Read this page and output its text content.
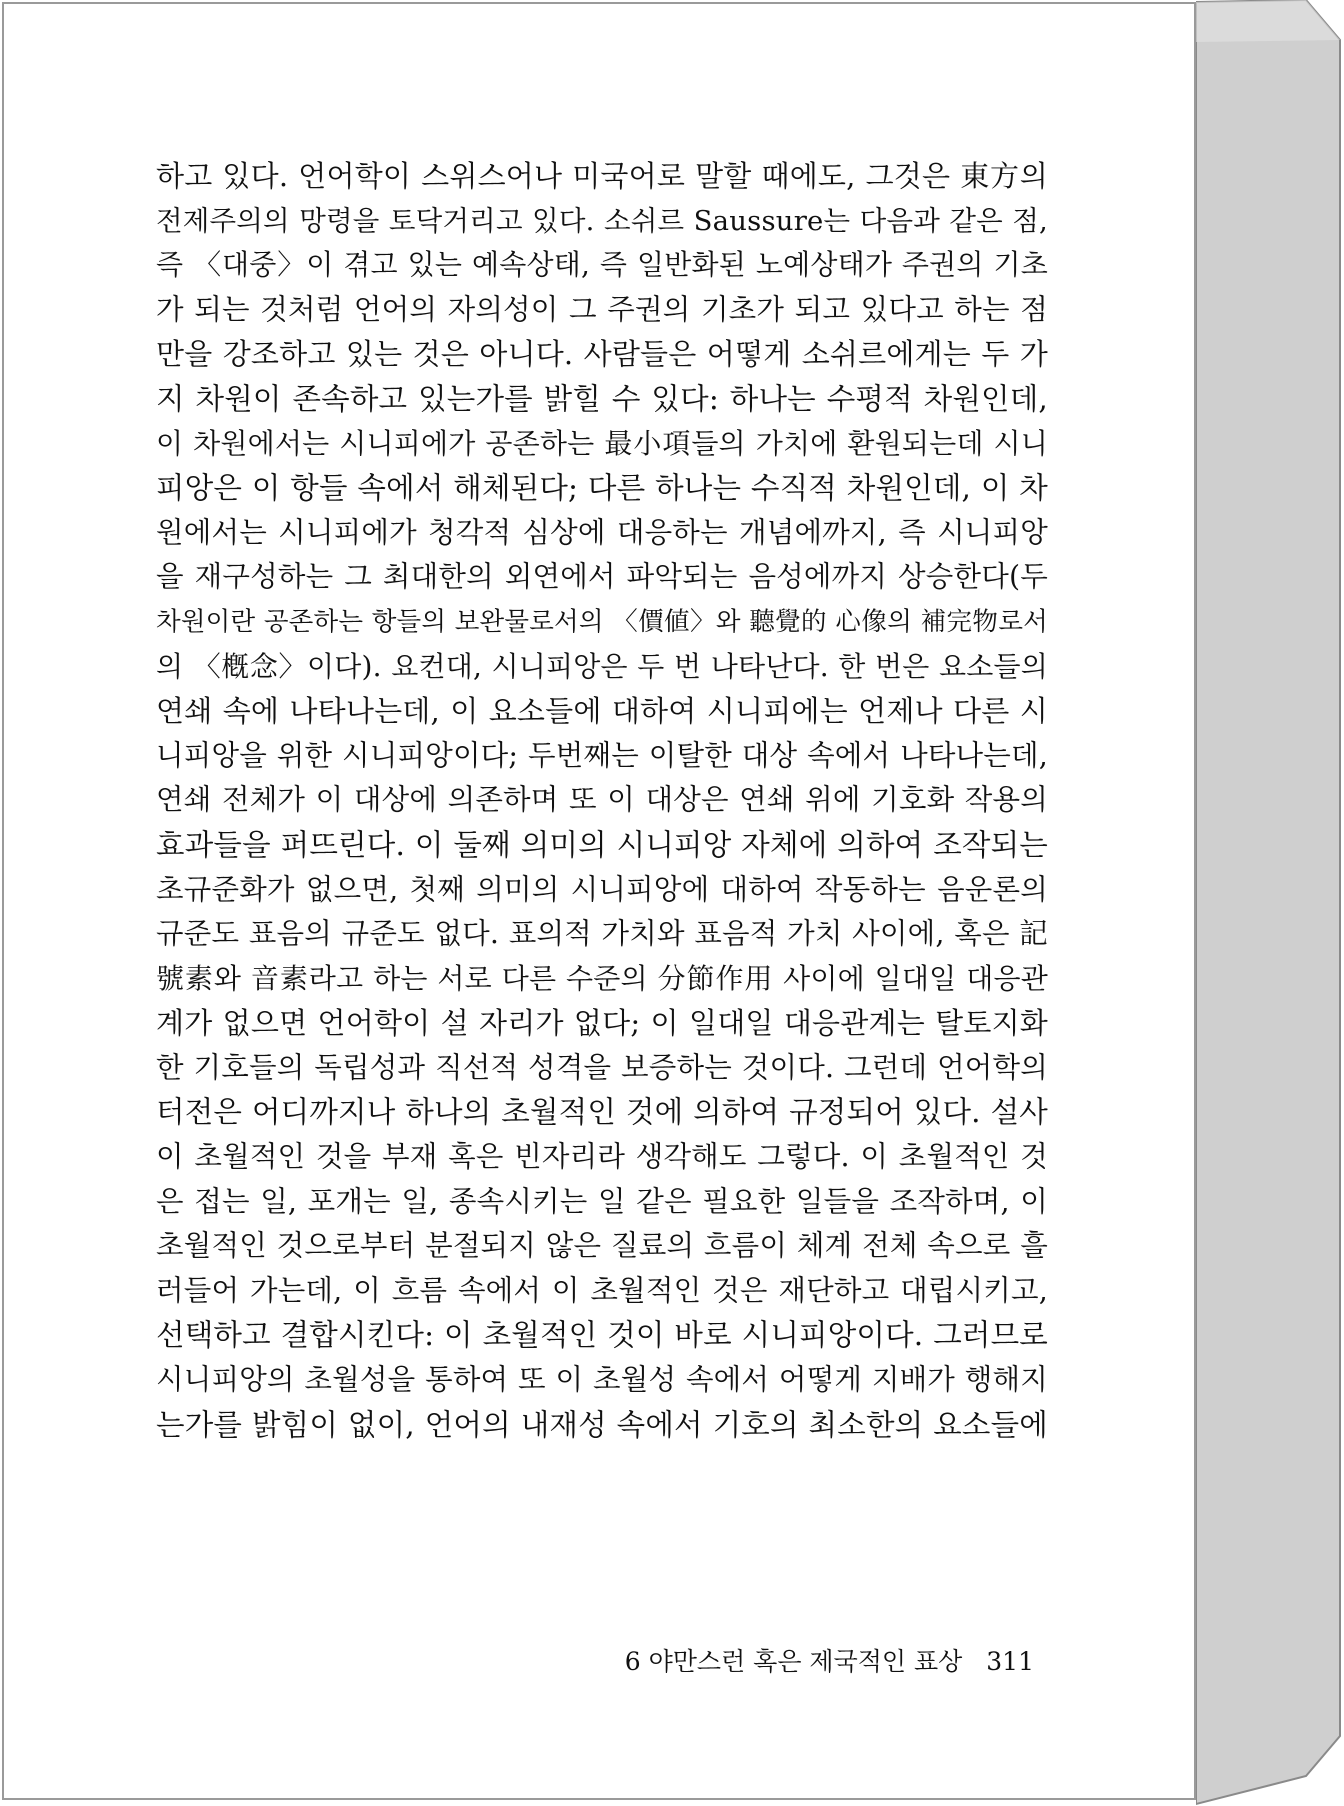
하고 있다. 언어학이 스위스어나 미국어로 말할 때에도, 그것은 東方의
전제주의의 망령을 토닥거리고 있다. 소쉬르 Saussure는 다음과 같은 점,
즉 〈대중〉이 겪고 있는 예속상태, 즉 일반화된 노예상태가 주권의 기초
가 되는 것처럼 언어의 자의성이 그 주권의 기초가 되고 있다고 하는 점
만을 강조하고 있는 것은 아니다. 사람들은 어떻게 소쉬르에게는 두 가
지 차원이 존속하고 있는가를 밝힐 수 있다: 하나는 수평적 차원인데,
이 차원에서는 시니피에가 공존하는 最小項들의 가치에 환원되는데 시니
피앙은 이 항들 속에서 해체된다; 다른 하나는 수직적 차원인데, 이 차
원에서는 시니피에가 청각적 심상에 대응하는 개념에까지, 즉 시니피앙
을 재구성하는 그 최대한의 외연에서 파악되는 음성에까지 상승한다(두
차원이란 공존하는 항들의 보완물로서의 〈價値〉와 聽覺的 心像의 補完物로서
의 〈槪念〉이다). 요컨대, 시니피앙은 두 번 나타난다. 한 번은 요소들의
연쇄 속에 나타나는데, 이 요소들에 대하여 시니피에는 언제나 다른 시
니피앙을 위한 시니피앙이다; 두번째는 이탈한 대상 속에서 나타나는데,
연쇄 전체가 이 대상에 의존하며 또 이 대상은 연쇄 위에 기호화 작용의
효과들을 퍼뜨린다. 이 둘째 의미의 시니피앙 자체에 의하여 조작되는
초규준화가 없으면, 첫째 의미의 시니피앙에 대하여 작동하는 음운론의
규준도 표음의 규준도 없다. 표의적 가치와 표음적 가치 사이에, 혹은 記
號素와 音素라고 하는 서로 다른 수준의 分節作用 사이에 일대일 대응관
계가 없으면 언어학이 설 자리가 없다; 이 일대일 대응관계는 탈토지화
한 기호들의 독립성과 직선적 성격을 보증하는 것이다. 그런데 언어학의
터전은 어디까지나 하나의 초월적인 것에 의하여 규정되어 있다. 설사
이 초월적인 것을 부재 혹은 빈자리라 생각해도 그렇다. 이 초월적인 것
은 접는 일, 포개는 일, 종속시키는 일 같은 필요한 일들을 조작하며, 이
초월적인 것으로부터 분절되지 않은 질료의 흐름이 체계 전체 속으로 흘
러들어 가는데, 이 흐름 속에서 이 초월적인 것은 재단하고 대립시키고,
선택하고 결합시킨다: 이 초월적인 것이 바로 시니피앙이다. 그러므로
시니피앙의 초월성을 통하여 또 이 초월성 속에서 어떻게 지배가 행해지
는가를 밝힘이 없이, 언어의 내재성 속에서 기호의 최소한의 요소들에
6 야만스런 혹은 제국적인 표상 311
